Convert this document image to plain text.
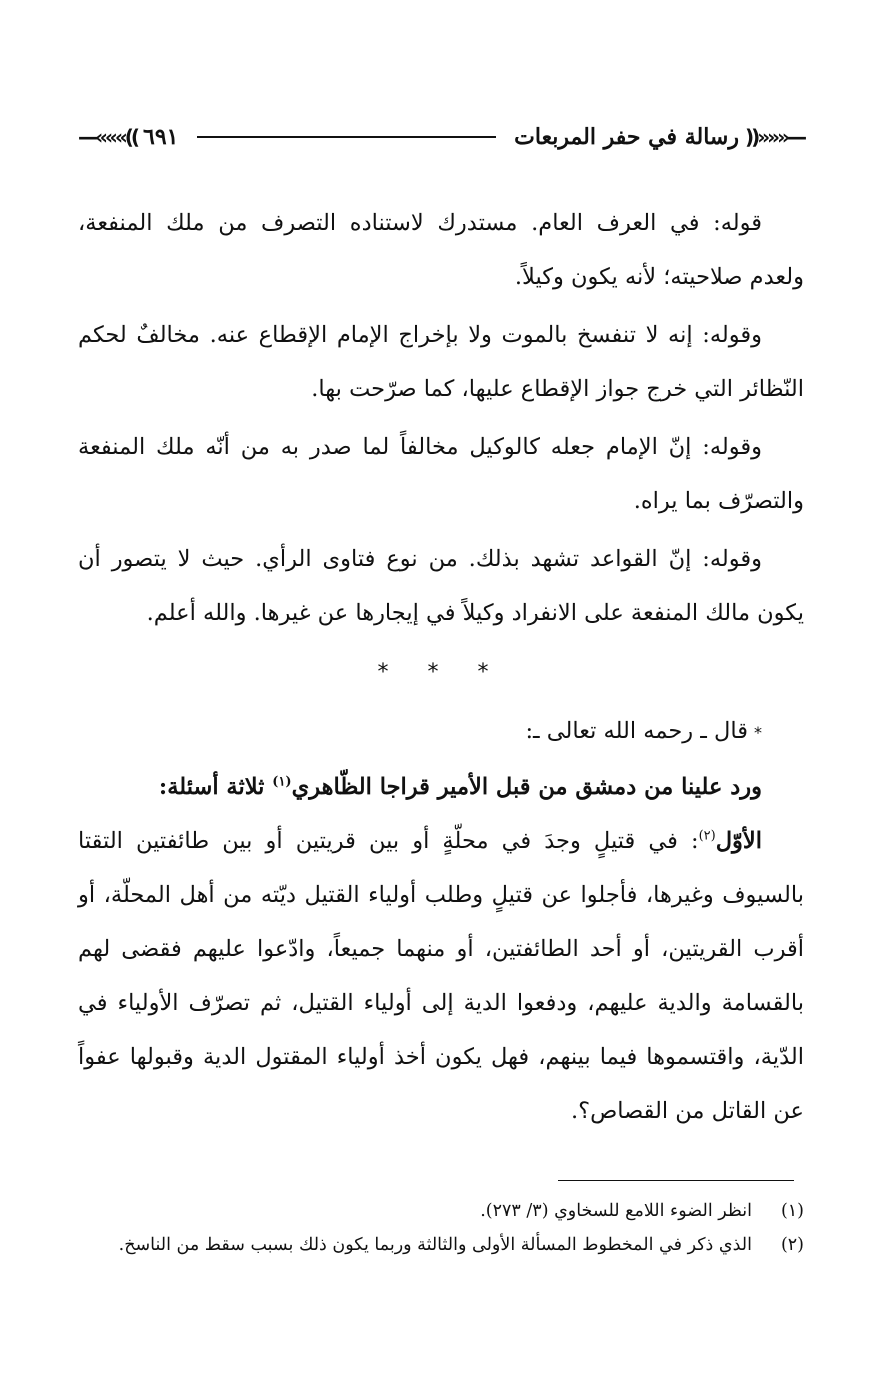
—«««((
رسالة في حفر المربعات
٦٩١
))»»»—

قوله: في العرف العام. مستدرك لاستناده التصرف من ملك المنفعة، ولعدم صلاحيته؛ لأنه يكون وكيلاً.

وقوله: إنه لا تنفسخ بالموت ولا بإخراج الإمام الإقطاع عنه. مخالفٌ لحكم النّظائر التي خرج جواز الإقطاع عليها، كما صرّحت بها.

وقوله: إنّ الإمام جعله كالوكيل مخالفاً لما صدر به من أنّه ملك المنفعة والتصرّف بما يراه.

وقوله: إنّ القواعد تشهد بذلك. من نوع فتاوى الرأي. حيث لا يتصور أن يكون مالك المنفعة على الانفراد وكيلاً في إيجارها عن غيرها. والله أعلم.

* * *

*قال ـ رحمه الله تعالى ـ:

ورد علينا من دمشق من قبل الأمير قراجا الظّاهري$^{(١)}$ ثلاثة أسئلة:

الأوّل$^{(٢)}$: في قتيلٍ وجدَ في محلّةٍ أو بين قريتين أو بين طائفتين التقتا بالسيوف وغيرها، فأجلوا عن قتيلٍ وطلب أولياء القتيل ديّته من أهل المحلّة، أو أقرب القريتين، أو أحد الطائفتين، أو منهما جميعاً، وادّعوا عليهم فقضى لهم بالقسامة والدية عليهم، ودفعوا الدية إلى أولياء القتيل، ثم تصرّف الأولياء في الدّية، واقتسموها فيما بينهم، فهل يكون أخذ أولياء المقتول الدية وقبولها عفواً عن القاتل من القصاص؟.

(١)
انظر الضوء اللامع للسخاوي (٣/ ٢٧٣).
(٢)
الذي ذكر في المخطوط المسألة الأولى والثالثة وربما يكون ذلك بسبب سقط من الناسخ.
